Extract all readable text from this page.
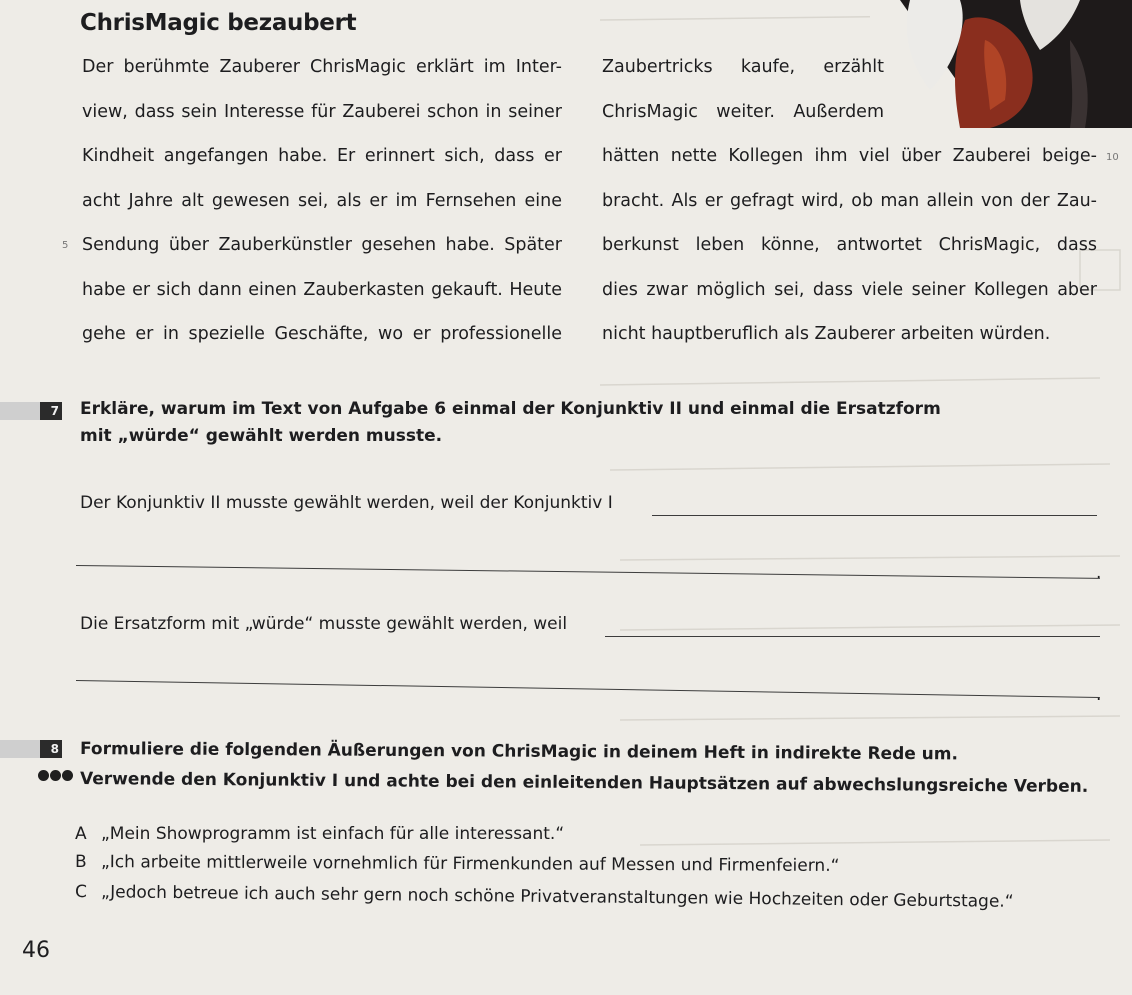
ChrisMagic bezaubert
Der berühmte Zauberer ChrisMagic erklärt im Inter-
view, dass sein Interesse für Zauberei schon in seiner
Kindheit angefangen habe. Er erinnert sich, dass er
acht Jahre alt gewesen sei, als er im Fernsehen eine
Sendung über Zauberkünstler gesehen habe. Später
habe er sich dann einen Zauberkasten gekauft. Heute
gehe er in spezielle Geschäfte, wo er professionelle
Zaubertricks kaufe, erzählt
ChrisMagic weiter. Außerdem
hätten nette Kollegen ihm viel über Zauberei beige-
bracht. Als er gefragt wird, ob man allein von der Zau-
berkunst leben könne, antwortet ChrisMagic, dass
dies zwar möglich sei, dass viele seiner Kollegen aber
nicht hauptberuflich als Zauberer arbeiten würden.
5
10
7 Erkläre, warum im Text von Aufgabe 6 einmal der Konjunktiv II und einmal die Ersatzform
mit „würde“ gewählt werden musste.
Der Konjunktiv II musste gewählt werden, weil der Konjunktiv I
.
Die Ersatzform mit „würde“ musste gewählt werden, weil
.
8 Formuliere die folgenden Äußerungen von ChrisMagic in deinem Heft in indirekte Rede um.
Verwende den Konjunktiv I und achte bei den einleitenden Hauptsätzen auf abwechslungsreiche Verben.
A „Mein Showprogramm ist einfach für alle interessant.“
B „Ich arbeite mittlerweile vornehmlich für Firmenkunden auf Messen und Firmenfeiern.“
C „Jedoch betreue ich auch sehr gern noch schöne Privatveranstaltungen wie Hochzeiten oder Geburtstage.“
46
